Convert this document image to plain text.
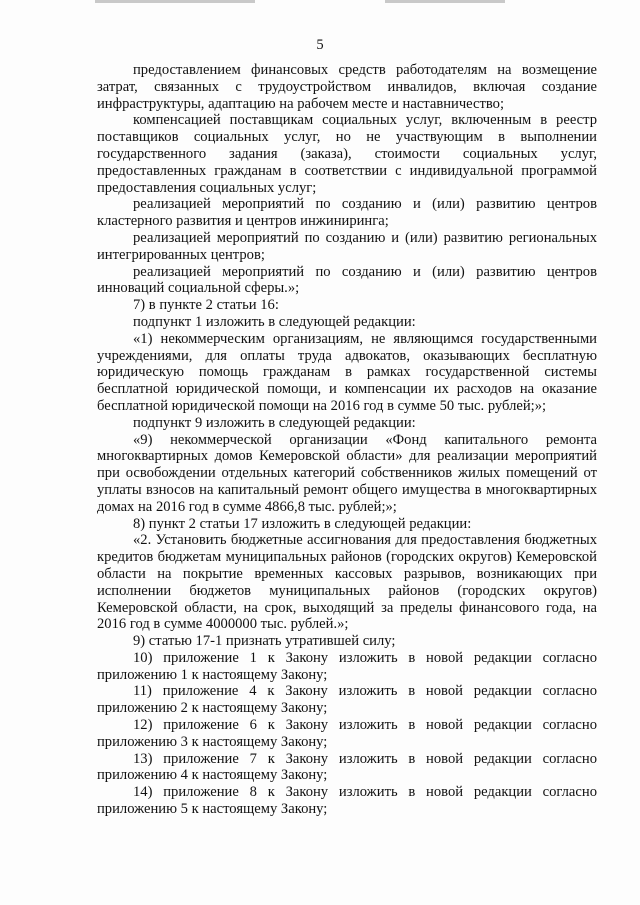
5

предоставлением финансовых средств работодателям на возмещение затрат, связанных с трудоустройством инвалидов, включая создание инфраструктуры, адаптацию на рабочем месте и наставничество;

компенсацией поставщикам социальных услуг, включенным в реестр поставщиков социальных услуг, но не участвующим в выполнении государственного задания (заказа), стоимости социальных услуг, предоставленных гражданам в соответствии с индивидуальной программой предоставления социальных услуг;

реализацией мероприятий по созданию и (или) развитию центров кластерного развития и центров инжиниринга;

реализацией мероприятий по созданию и (или) развитию региональных интегрированных центров;

реализацией мероприятий по созданию и (или) развитию центров инноваций социальной сферы.»;

7) в пункте 2 статьи 16:

подпункт 1 изложить в следующей редакции:

«1) некоммерческим организациям, не являющимся государственными учреждениями, для оплаты труда адвокатов, оказывающих бесплатную юридическую помощь гражданам в рамках государственной системы бесплатной юридической помощи, и компенсации их расходов на оказание бесплатной юридической помощи на 2016 год в сумме 50 тыс. рублей;»;

подпункт 9 изложить в следующей редакции:

«9) некоммерческой организации «Фонд капитального ремонта многоквартирных домов Кемеровской области» для реализации мероприятий при освобождении отдельных категорий собственников жилых помещений от уплаты взносов на капитальный ремонт общего имущества в многоквартирных домах на 2016 год в сумме 4866,8 тыс. рублей;»;

8) пункт 2 статьи 17 изложить в следующей редакции:

«2. Установить бюджетные ассигнования для предоставления бюджетных кредитов бюджетам муниципальных районов (городских округов) Кемеровской области на покрытие временных кассовых разрывов, возникающих при исполнении бюджетов муниципальных районов (городских округов) Кемеровской области, на срок, выходящий за пределы финансового года, на 2016 год в сумме 4000000 тыс. рублей.»;

9) статью 17-1 признать утратившей силу;

10) приложение 1 к Закону изложить в новой редакции согласно приложению 1 к настоящему Закону;

11) приложение 4 к Закону изложить в новой редакции согласно приложению 2 к настоящему Закону;

12) приложение 6 к Закону изложить в новой редакции согласно приложению 3 к настоящему Закону;

13) приложение 7 к Закону изложить в новой редакции согласно приложению 4 к настоящему Закону;

14) приложение 8 к Закону изложить в новой редакции согласно приложению 5 к настоящему Закону;
